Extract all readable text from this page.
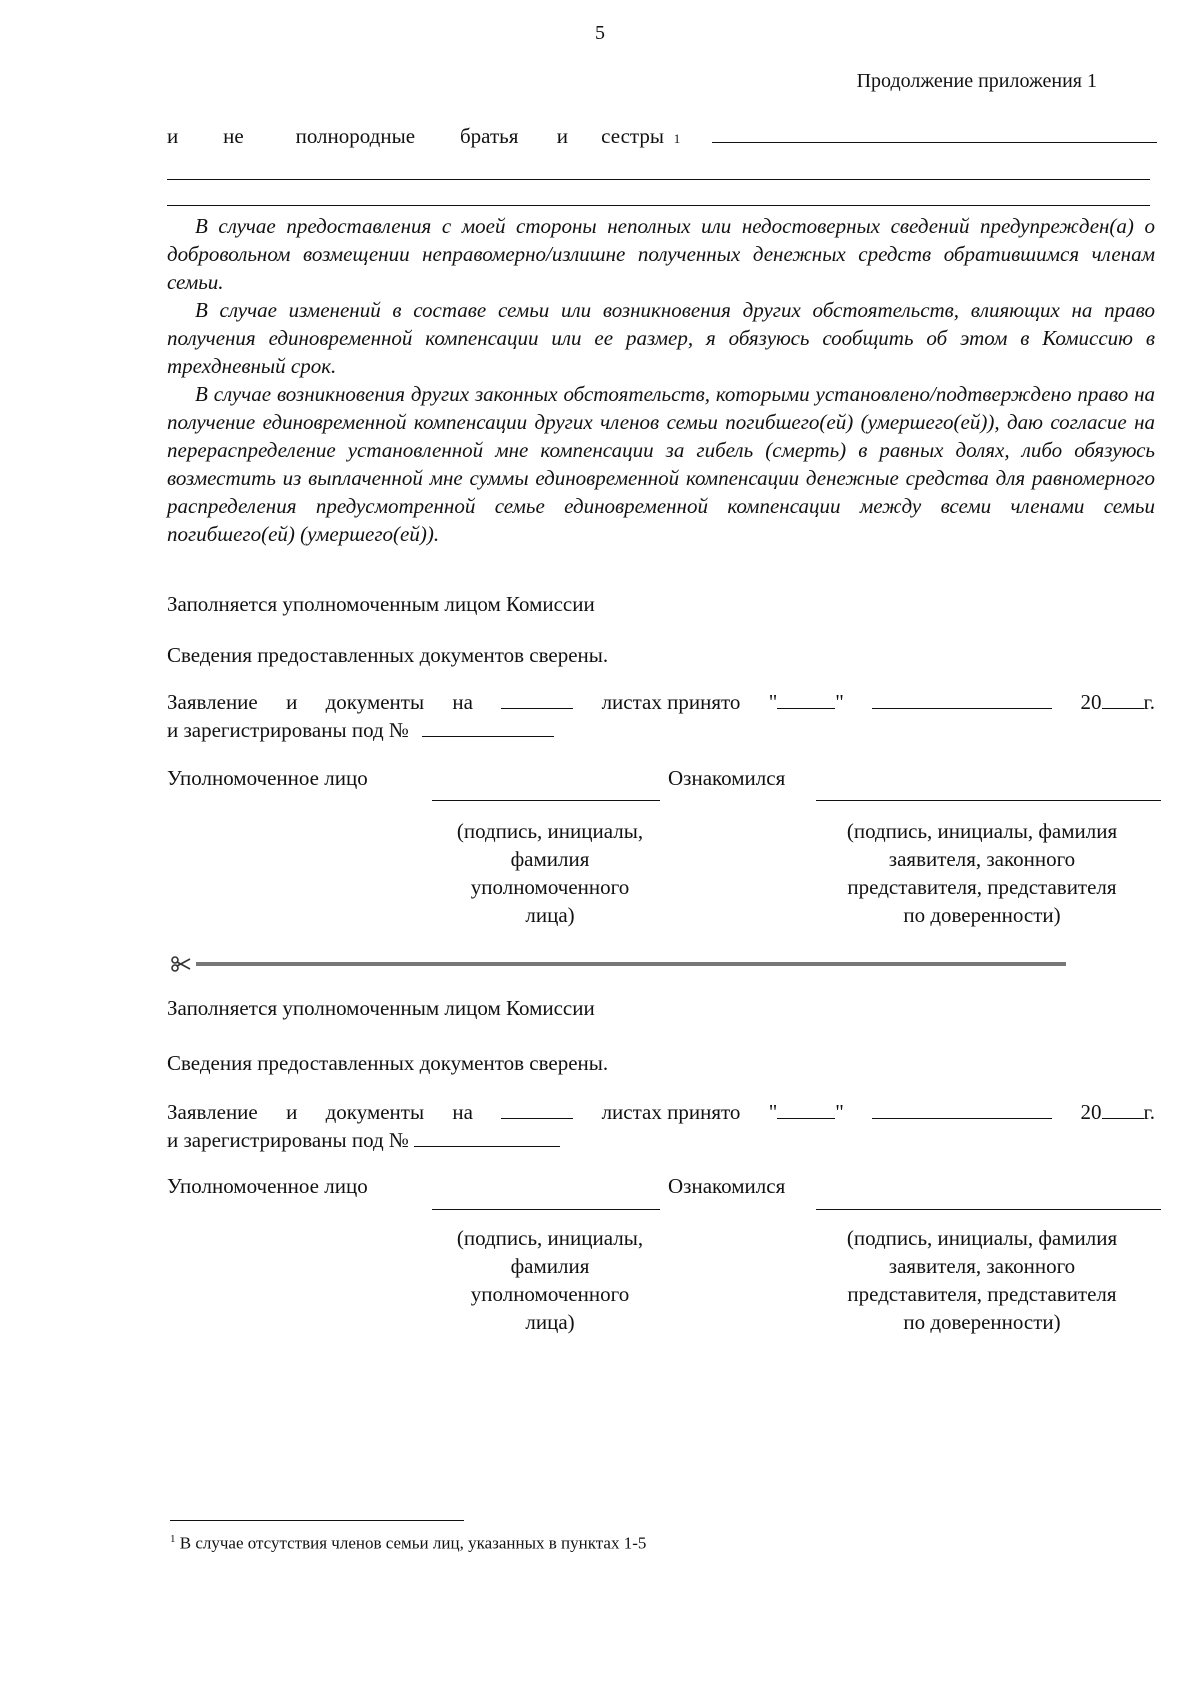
5
Продолжение приложения 1
и	не	полнородные	братья	и	сестры 1

В случае предоставления с моей стороны неполных или недостоверных сведений предупрежден(а) о добровольном возмещении неправомерно/излишне полученных денежных средств обратившимся членам семьи.

В случае изменений в составе семьи или возникновения других обстоятельств, влияющих на право получения единовременной компенсации или ее размер, я обязуюсь сообщить об этом в Комиссию в трехдневный срок.

В случае возникновения других законных обстоятельств, которыми установлено/подтверждено право на получение единовременной компенсации других членов семьи погибшего(ей) (умершего(ей)), даю согласие на перераспределение установленной мне компенсации за гибель (смерть) в равных долях, либо обязуюсь возместить из выплаченной мне суммы единовременной компенсации денежные средства для равномерного распределения предусмотренной семье единовременной компенсации между всеми членами семьи погибшего(ей) (умершего(ей)).

Заполняется уполномоченным лицом Комиссии
Сведения предоставленных документов сверены.
Заявление и документы на	листах принято "	"	20 г.
и зарегистрированы под №
Уполномоченное лицо	Ознакомился
(подпись, инициалы,
фамилия
уполномоченного
лица)
(подпись, инициалы, фамилия
заявителя, законного
представителя, представителя
по доверенности)
Заполняется уполномоченным лицом Комиссии
Сведения предоставленных документов сверены.
Заявление и документы на	листах принято "	"	20 г.
и зарегистрированы под №
Уполномоченное лицо	Ознакомился
(подпись, инициалы,
фамилия
уполномоченного
лица)
(подпись, инициалы, фамилия
заявителя, законного
представителя, представителя
по доверенности)
$^1$ В случае отсутствия членов семьи лиц, указанных в пунктах 1-5
